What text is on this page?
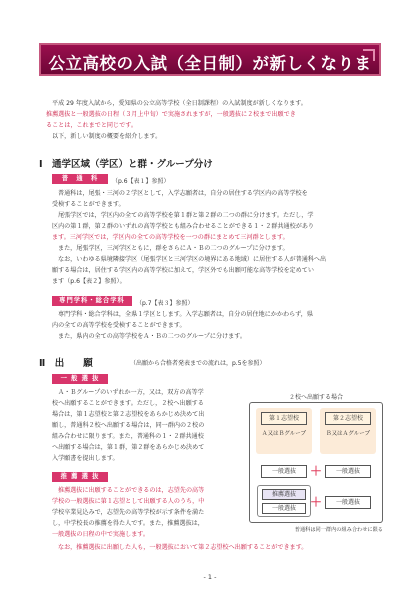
公立高校の入試（全日制）が新しくなります！
平成 29 年度入試から，愛知県の公立高等学校（全日制課程）の入試制度が新しくなります。
推薦選抜と一般選抜の日程（３月上中旬）で実施されますが，一般選抜に２校まで出願でき
ることは，これまでと同じです。
以下，新しい制度の概要を紹介します。
Ⅰ　通学区域（学区）と群・グループ分け
普　通　科	（p.6【表１】参照）
普通科は，尾張・三河の２学区として，入学志願者は，自分の居住する学区内の高等学校を
受検することができます。
尾張学区では，学区内の全ての高等学校を第１群と第２群の二つの群に分けます。ただし，学
区内の第１群，第２群のいずれの高等学校とも組み合わせることができる１・２群共通校があり
ます。三河学区では，学区内の全ての高等学校を一つの群にまとめて三河群とします。
また，尾張学区，三河学区ともに，群をさらにＡ・Ｂの二つのグループに分けます。
なお，いわゆる県境隣接学区（尾張学区と三河学区の境界にある地域）に居住する人が普通科へ出
願する場合は，居住する学区内の高等学校に加えて，学区外でも出願可能な高等学校を定めてい
ます（p.6【表２】参照）。
専門学科・総合学科	（p.7【表３】参照）
専門学科・総合学科は，全県１学区とします。入学志願者は，自分の居住地にかかわらず，県
内の全ての高等学校を受検することができます。
また，県内の全ての高等学校をＡ・Ｂの二つのグループに分けます。
Ⅱ　出　　願	（出願から合格者発表までの流れは，p.5を参照）
一 般 選 抜
Ａ・Ｂグループのいずれか一方，又は，双方の高等学
校へ出願することができます。ただし，２校へ出願する
場合は，第１志望校と第２志望校をあらかじめ決めて出
願し，普通科２校へ出願する場合は，同一群内の２校の
組み合わせに限ります。また，普通科の１・２群共通校
へ出願する場合は，第１群，第２群をあらかじめ決めて
入学願書を提出します。
推 薦 選 抜
推薦選抜に出願することができるのは，志望先の高等
学校の一般選抜に第１志望として出願する人のうち，中
学校卒業見込みで，志望先の高等学校が示す条件を満た
し，中学校長の推薦を得た人です。また，推薦選抜は，
一般選抜の日程の中で実施します。
なお，推薦選抜に出願した人も，一般選抜において第２志望校へ出願することができます。
２校へ出願する場合
第１志望校	第２志望校
Ａ又はＢグループ	Ｂ又はＡグループ
一般選抜	＋	一般選抜
推薦選抜
一般選抜	＋	一般選抜
普通科は同一群内の組み合わせに限る
- 1 -
